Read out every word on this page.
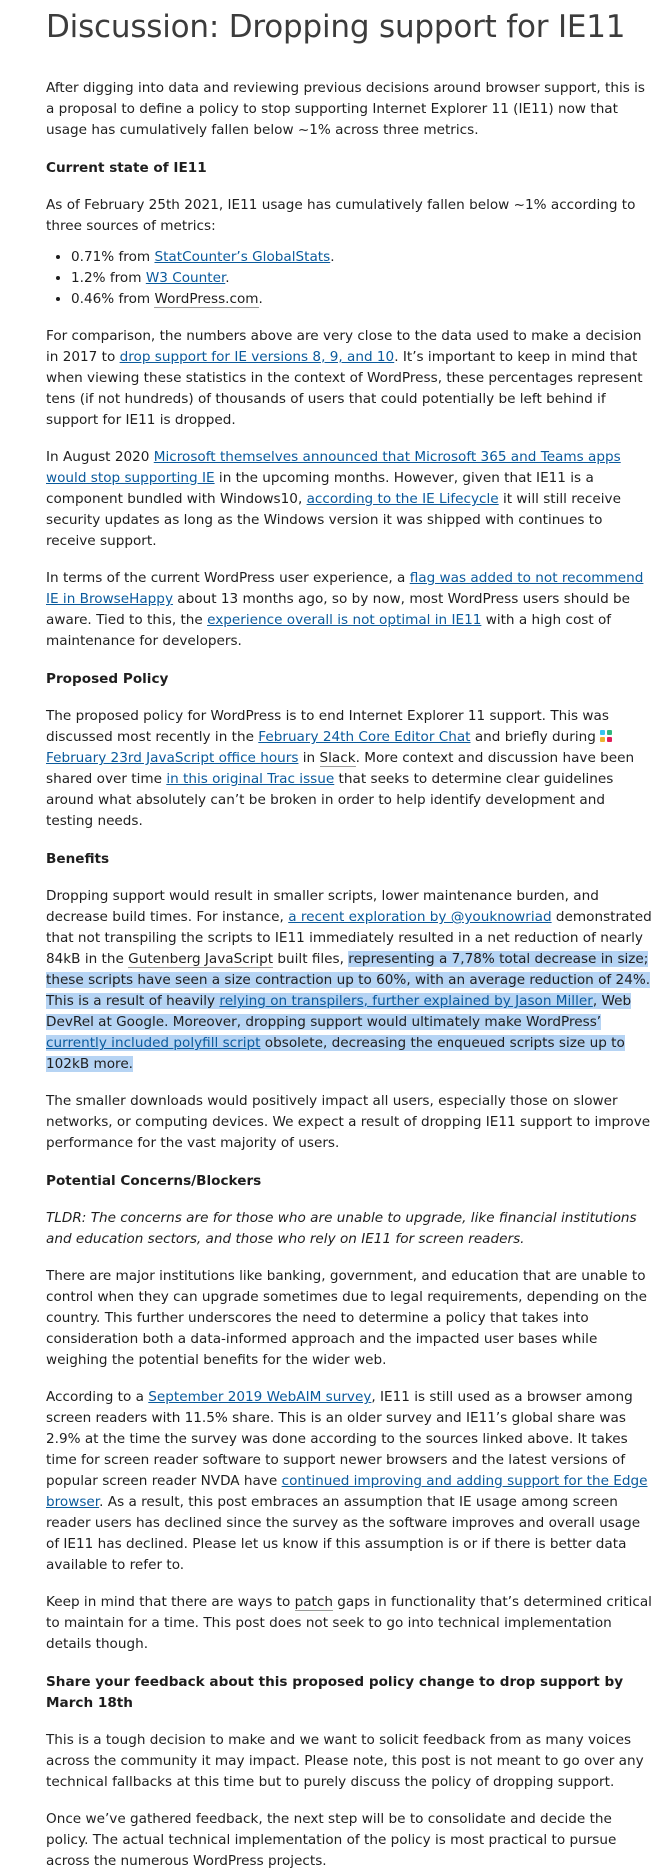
Discussion: Dropping support for IE11

After digging into data and reviewing previous decisions around browser support, this is a proposal to define a policy to stop supporting Internet Explorer 11 (IE11) now that usage has cumulatively fallen below ~1% across three metrics.

Current state of IE11

As of February 25th 2021, IE11 usage has cumulatively fallen below ~1% according to three sources of metrics:

• 0.71% from StatCounter’s GlobalStats.
• 1.2% from W3 Counter.
• 0.46% from WordPress.com.

For comparison, the numbers above are very close to the data used to make a decision in 2017 to drop support for IE versions 8, 9, and 10. It’s important to keep in mind that when viewing these statistics in the context of WordPress, these percentages represent tens (if not hundreds) of thousands of users that could potentially be left behind if support for IE11 is dropped.

In August 2020 Microsoft themselves announced that Microsoft 365 and Teams apps would stop supporting IE in the upcoming months. However, given that IE11 is a component bundled with Windows10, according to the IE Lifecycle it will still receive security updates as long as the Windows version it was shipped with continues to receive support.

In terms of the current WordPress user experience, a flag was added to not recommend IE in BrowseHappy about 13 months ago, so by now, most WordPress users should be aware. Tied to this, the experience overall is not optimal in IE11 with a high cost of maintenance for developers.

Proposed Policy

The proposed policy for WordPress is to end Internet Explorer 11 support. This was discussed most recently in the February 24th Core Editor Chat and briefly during
February 23rd JavaScript office hours in Slack. More context and discussion have been shared over time in this original Trac issue that seeks to determine clear guidelines around what absolutely can’t be broken in order to help identify development and testing needs.

Benefits

Dropping support would result in smaller scripts, lower maintenance burden, and decrease build times. For instance, a recent exploration by @youknowriad demonstrated that not transpiling the scripts to IE11 immediately resulted in a net reduction of nearly 84kB in the Gutenberg JavaScript built files, representing a 7,78% total decrease in size; these scripts have seen a size contraction up to 60%, with an average reduction of 24%. This is a result of heavily relying on transpilers, further explained by Jason Miller, Web DevRel at Google. Moreover, dropping support would ultimately make WordPress’ currently included polyfill script obsolete, decreasing the enqueued scripts size up to 102kB more.

The smaller downloads would positively impact all users, especially those on slower networks, or computing devices. We expect a result of dropping IE11 support to improve performance for the vast majority of users.

Potential Concerns/Blockers

TLDR: The concerns are for those who are unable to upgrade, like financial institutions and education sectors, and those who rely on IE11 for screen readers.

There are major institutions like banking, government, and education that are unable to control when they can upgrade sometimes due to legal requirements, depending on the country. This further underscores the need to determine a policy that takes into consideration both a data-informed approach and the impacted user bases while weighing the potential benefits for the wider web.

According to a September 2019 WebAIM survey, IE11 is still used as a browser among screen readers with 11.5% share. This is an older survey and IE11’s global share was 2.9% at the time the survey was done according to the sources linked above. It takes time for screen reader software to support newer browsers and the latest versions of popular screen reader NVDA have continued improving and adding support for the Edge browser. As a result, this post embraces an assumption that IE usage among screen reader users has declined since the survey as the software improves and overall usage of IE11 has declined. Please let us know if this assumption is or if there is better data available to refer to.

Keep in mind that there are ways to patch gaps in functionality that’s determined critical to maintain for a time. This post does not seek to go into technical implementation details though.

Share your feedback about this proposed policy change to drop support by March 18th

This is a tough decision to make and we want to solicit feedback from as many voices across the community it may impact. Please note, this post is not meant to go over any technical fallbacks at this time but to purely discuss the policy of dropping support.

Once we’ve gathered feedback, the next step will be to consolidate and decide the policy. The actual technical implementation of the policy is most practical to pursue across the numerous WordPress projects.
